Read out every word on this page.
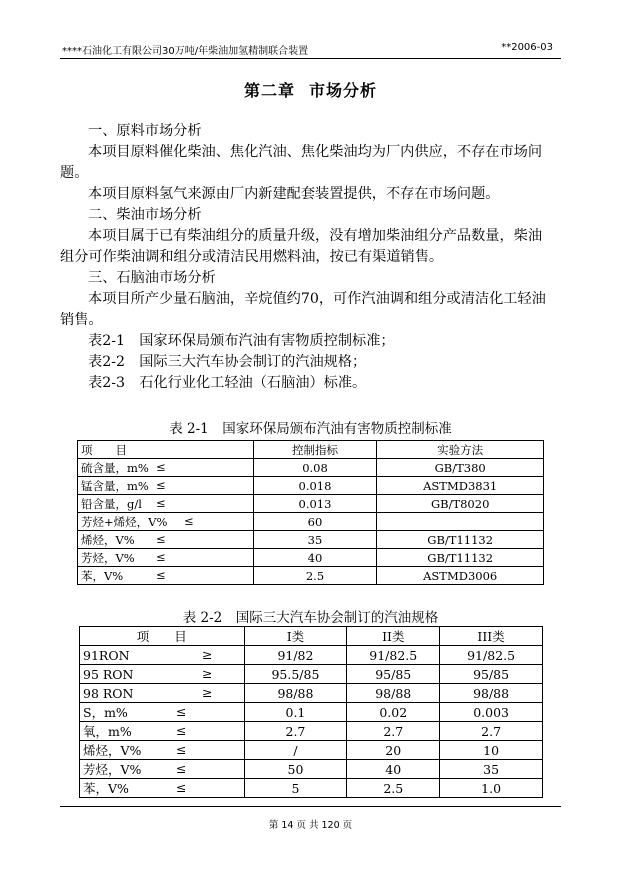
****石油化工有限公司30万吨/年柴油加氢精制联合装置	**2006-03
第二章 市场分析
一、原料市场分析
本项目原料催化柴油、焦化汽油、焦化柴油均为厂内供应，不存在市场问题。
本项目原料氢气来源由厂内新建配套装置提供，不存在市场问题。
二、柴油市场分析
本项目属于已有柴油组分的质量升级，没有增加柴油组分产品数量，柴油组分可作柴油调和组分或清洁民用燃料油，按已有渠道销售。
三、石脑油市场分析
本项目所产少量石脑油，辛烷值约70，可作汽油调和组分或清洁化工轻油销售。
表2-1　国家环保局颁布汽油有害物质控制标准；
表2-2　国际三大汽车协会制订的汽油规格；
表2-3　石化行业化工轻油（石脑油）标准。
表 2-1　国家环保局颁布汽油有害物质控制标准
项　　目	控制指标	实验方法
硫含量，m% ≤	0.08	GB/T380
锰含量，m% ≤	0.018	ASTMD3831
铅含量，g/l ≤	0.013	GB/T8020
芳烃+烯烃，V% ≤	60	
烯烃，V% ≤	35	GB/T11132
芳烃，V% ≤	40	GB/T11132
苯，V% ≤	2.5	ASTMD3006
表 2-2　国际三大汽车协会制订的汽油规格
项　　目	I类	II类	III类
91RON ≥	91/82	91/82.5	91/82.5
95 RON ≥	95.5/85	95/85	95/85
98 RON ≥	98/88	98/88	98/88
S，m% ≤	0.1	0.02	0.003
氧，m% ≤	2.7	2.7	2.7
烯烃，V% ≤	/	20	10
芳烃，V% ≤	50	40	35
苯，V% ≤	5	2.5	1.0
第 14 页 共 120 页
